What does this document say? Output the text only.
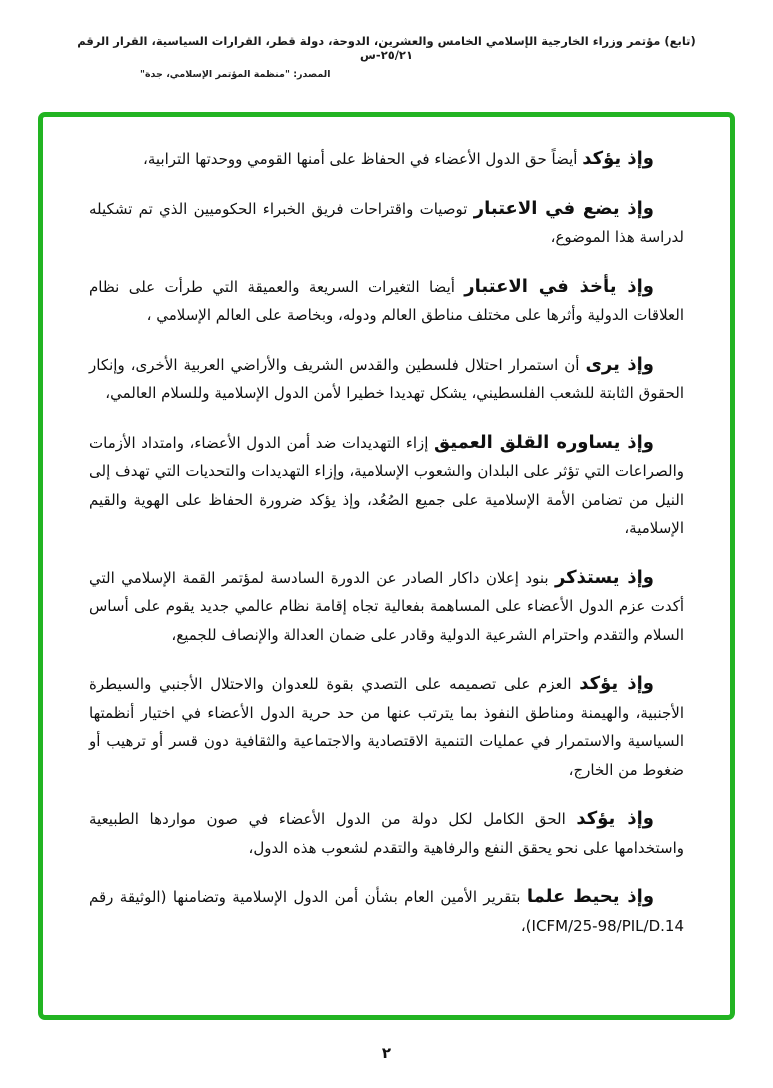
(تابع) مؤتمر وزراء الخارجية الإسلامي الخامس والعشرين، الدوحة، دولة قطر، القرارات السياسية، القرار الرقم ٢٥/٢١-س
المصدر: "منظمة المؤتمر الإسلامي، جدة"

وإذ يؤكد أيضاً حق الدول الأعضاء في الحفاظ على أمنها القومي ووحدتها الترابية،

وإذ يضع في الاعتبار توصيات واقتراحات فريق الخبراء الحكوميين الذي تم تشكيله لدراسة هذا الموضوع،

وإذ يأخذ في الاعتبار أيضا التغيرات السريعة والعميقة التي طرأت على نظام العلاقات الدولية وأثرها على مختلف مناطق العالم ودوله، وبخاصة على العالم الإسلامي ،

وإذ يرى أن استمرار احتلال فلسطين والقدس الشريف والأراضي العربية الأخرى، وإنكار الحقوق الثابتة للشعب الفلسطيني، يشكل تهديدا خطيرا لأمن الدول الإسلامية وللسلام العالمي،

وإذ يساوره القلق العميق إزاء التهديدات ضد أمن الدول الأعضاء، وامتداد الأزمات والصراعات التي تؤثر على البلدان والشعوب الإسلامية، وإزاء التهديدات والتحديات التي تهدف إلى النيل من تضامن الأمة الإسلامية على جميع الصُعُد، وإذ يؤكد ضرورة الحفاظ على الهوية والقيم الإسلامية،

وإذ يستذكر بنود إعلان داكار الصادر عن الدورة السادسة لمؤتمر القمة الإسلامي التي أكدت عزم الدول الأعضاء على المساهمة بفعالية تجاه إقامة نظام عالمي جديد يقوم على أساس السلام والتقدم واحترام الشرعية الدولية وقادر على ضمان العدالة والإنصاف للجميع،

وإذ يؤكد العزم على تصميمه على التصدي بقوة للعدوان والاحتلال الأجنبي والسيطرة الأجنبية، والهيمنة ومناطق النفوذ بما يترتب عنها من حد حرية الدول الأعضاء في اختيار أنظمتها السياسية والاستمرار في عمليات التنمية الاقتصادية والاجتماعية والثقافية دون قسر أو ترهيب أو ضغوط من الخارج،

وإذ يؤكد الحق الكامل لكل دولة من الدول الأعضاء في صون مواردها الطبيعية واستخدامها على نحو يحقق النفع والرفاهية والتقدم لشعوب هذه الدول،

وإذ يحيط علما بتقرير الأمين العام بشأن أمن الدول الإسلامية وتضامنها (الوثيقة رقم ICFM/25-98/PIL/D.14)،

٢
